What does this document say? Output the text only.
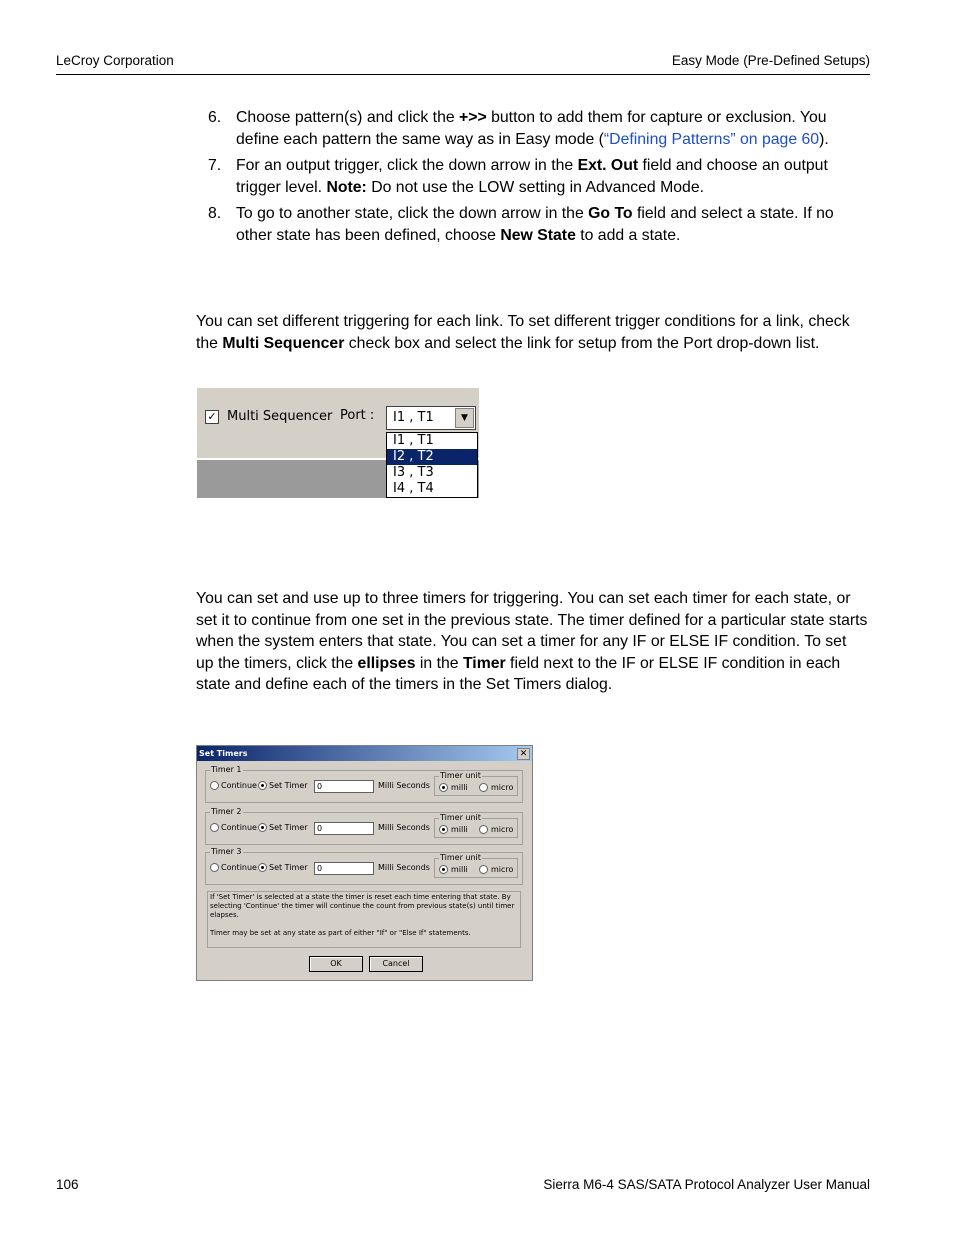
LeCroy Corporation	Easy Mode (Pre-Defined Setups)
6. Choose pattern(s) and click the +>> button to add them for capture or exclusion. You define each pattern the same way as in Easy mode (“Defining Patterns” on page 60).
7. For an output trigger, click the down arrow in the Ext. Out field and choose an output trigger level. Note: Do not use the LOW setting in Advanced Mode.
8. To go to another state, click the down arrow in the Go To field and select a state. If no other state has been defined, choose New State to add a state.
You can set different triggering for each link. To set different trigger conditions for a link, check the Multi Sequencer check box and select the link for setup from the Port drop-down list.
✓ Multi Sequencer Port : I1 , T1	▼
I1 , T1
I2 , T2
I3 , T3
I4 , T4
You can set and use up to three timers for triggering. You can set each timer for each state, or set it to continue from one set in the previous state. The timer defined for a particular state starts when the system enters that state. You can set a timer for any IF or ELSE IF condition. To set up the timers, click the ellipses in the Timer field next to the IF or ELSE IF condition in each state and define each of the timers in the Set Timers dialog.
Set Timers	✕
Timer 1
Continue Set Timer	0	Milli Seconds
Timer unit
milli	micro
Timer 2
Continue Set Timer	0	Milli Seconds
Timer unit
milli	micro
Timer 3
Continue Set Timer	0	Milli Seconds
Timer unit
milli	micro
If 'Set Timer' is selected at a state the timer is reset each time entering that state. By selecting 'Continue' the timer will continue the count from previous state(s) until timer elapses.
Timer may be set at any state as part of either "If" or "Else If" statements.
OK	Cancel
106	Sierra M6-4 SAS/SATA Protocol Analyzer User Manual
